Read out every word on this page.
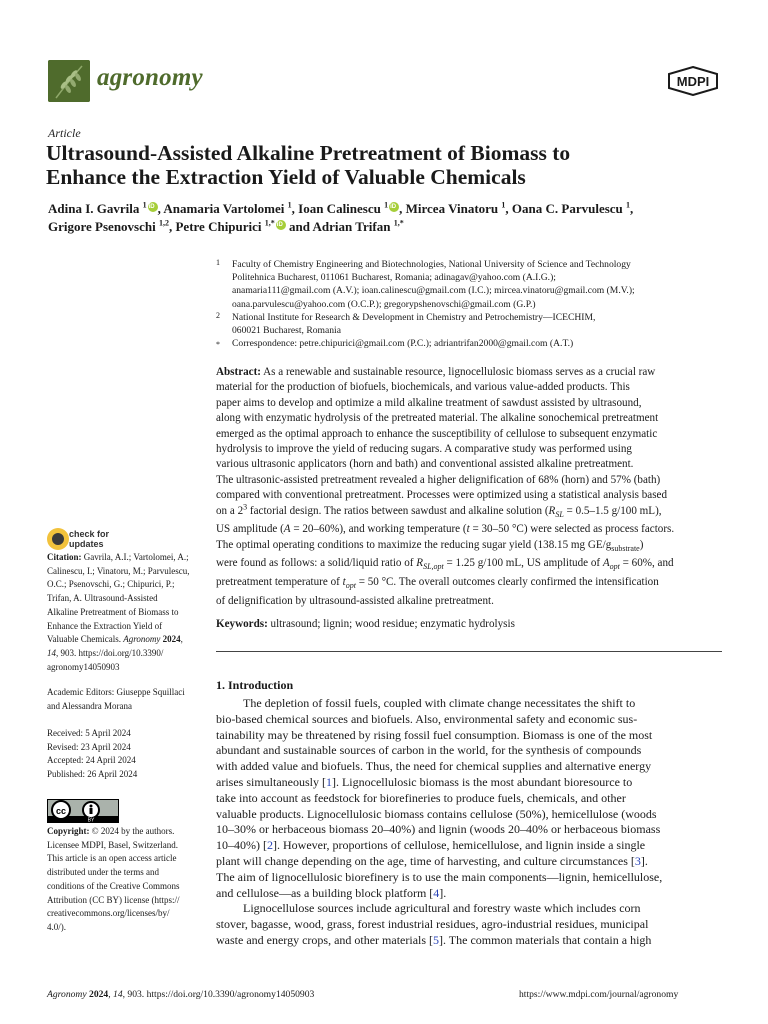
agronomy	MDPI
Article
Ultrasound-Assisted Alkaline Pretreatment of Biomass to
Enhance the Extraction Yield of Valuable Chemicals
Adina I. Gavrila $^1$ iD , Anamaria Vartolomei $^1$, Ioan Calinescu $^1$ iD , Mircea Vinatoru $^1$, Oana C. Parvulescu $^1$,
Grigore Psenovschi $^{1,2}$, Petre Chipurici $^{1,*}$ iD and Adrian Trifan $^{1,*}$
1 Faculty of Chemistry Engineering and Biotechnologies, National University of Science and Technology
Politehnica Bucharest, 011061 Bucharest, Romania; adinagav@yahoo.com (A.I.G.);
anamaria111@gmail.com (A.V.); ioan.calinescu@gmail.com (I.C.); mircea.vinatoru@gmail.com (M.V.);
oana.parvulescu@yahoo.com (O.C.P.); gregorypshenovschi@gmail.com (G.P.)
2 National Institute for Research & Development in Chemistry and Petrochemistry—ICECHIM,
060021 Bucharest, Romania
* Correspondence: petre.chipurici@gmail.com (P.C.); adriantrifan2000@gmail.com (A.T.)
Abstract: As a renewable and sustainable resource, lignocellulosic biomass serves as a crucial raw
material for the production of biofuels, biochemicals, and various value-added products. This
paper aims to develop and optimize a mild alkaline treatment of sawdust assisted by ultrasound,
along with enzymatic hydrolysis of the pretreated material. The alkaline sonochemical pretreatment
emerged as the optimal approach to enhance the susceptibility of cellulose to subsequent enzymatic
hydrolysis to improve the yield of reducing sugars. A comparative study was performed using
various ultrasonic applicators (horn and bath) and conventional assisted alkaline pretreatment.
The ultrasonic-assisted pretreatment revealed a higher delignification of 68% (horn) and 57% (bath)
compared with conventional pretreatment. Processes were optimized using a statistical analysis based
on a $2^3$ factorial design. The ratios between sawdust and alkaline solution ($R_{SL} = 0.5-1.5$ g/100 mL),
US amplitude (A = 20–60%), and working temperature (t = 30–50 °C) were selected as process factors.
The optimal operating conditions to maximize the reducing sugar yield (138.15 mg $GE/g_{substrate}$)
were found as follows: a solid/liquid ratio of $R_{SL,opt} = 1.25$ g/100 mL, US amplitude of $A_{opt} = 60\%$, and
pretreatment temperature of $t_{opt} = 50$ °C. The overall outcomes clearly confirmed the intensification
of delignification by ultrasound-assisted alkaline pretreatment.
Keywords: ultrasound; lignin; wood residue; enzymatic hydrolysis
check for
updates
Citation: Gavrila, A.I.; Vartolomei, A.;
Calinescu, I.; Vinatoru, M.; Parvulescu,
O.C.; Psenovschi, G.; Chipurici, P.;
Trifan, A. Ultrasound-Assisted
Alkaline Pretreatment of Biomass to
Enhance the Extraction Yield of
Valuable Chemicals. Agronomy 2024,
14, 903. https://doi.org/10.3390/
agronomy14050903
Academic Editors: Giuseppe Squillaci
and Alessandra Morana
Received: 5 April 2024
Revised: 23 April 2024
Accepted: 24 April 2024
Published: 26 April 2024
cc
BY
Copyright: © 2024 by the authors.
Licensee MDPI, Basel, Switzerland.
This article is an open access article
distributed under the terms and
conditions of the Creative Commons
Attribution (CC BY) license (https://
creativecommons.org/licenses/by/
4.0/).
1. Introduction
The depletion of fossil fuels, coupled with climate change necessitates the shift to
bio-based chemical sources and biofuels. Also, environmental safety and economic sus-
tainability may be threatened by rising fossil fuel consumption. Biomass is one of the most
abundant and sustainable sources of carbon in the world, for the synthesis of compounds
with added value and biofuels. Thus, the need for chemical supplies and alternative energy
arises simultaneously [1]. Lignocellulosic biomass is the most abundant bioresource to
take into account as feedstock for biorefineries to produce fuels, chemicals, and other
valuable products. Lignocellulosic biomass contains cellulose (50%), hemicellulose (woods
10–30% or herbaceous biomass 20–40%) and lignin (woods 20–40% or herbaceous biomass
10–40%) [2]. However, proportions of cellulose, hemicellulose, and lignin inside a single
plant will change depending on the age, time of harvesting, and culture circumstances [3].
The aim of lignocellulosic biorefinery is to use the main components—lignin, hemicellulose,
and cellulose—as a building block platform [4].
Lignocellulose sources include agricultural and forestry waste which includes corn
stover, bagasse, wood, grass, forest industrial residues, agro-industrial residues, municipal
waste and energy crops, and other materials [5]. The common materials that contain a high
Agronomy 2024, 14, 903. https://doi.org/10.3390/agronomy14050903	https://www.mdpi.com/journal/agronomy
